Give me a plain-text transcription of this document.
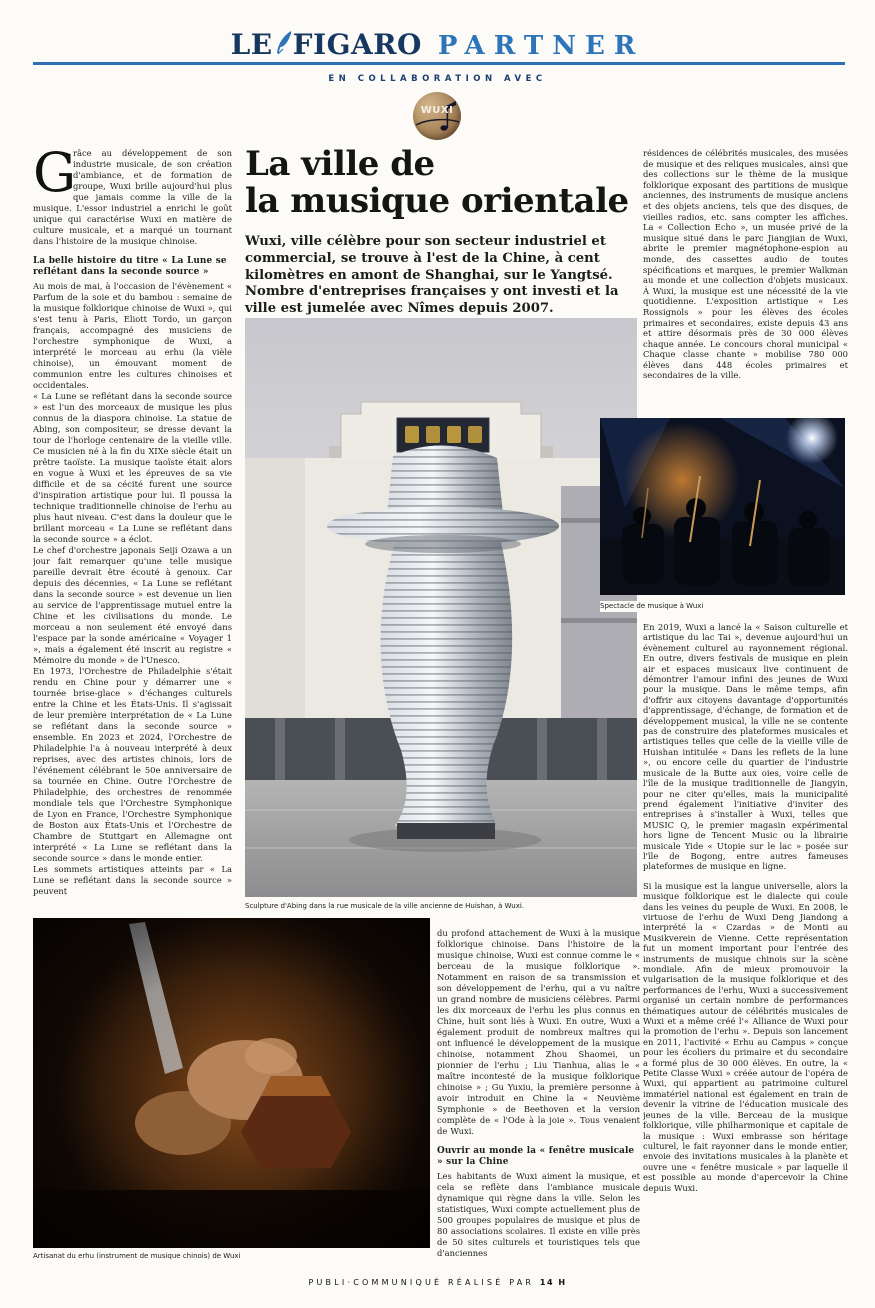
LE FIGARO PARTNER
EN COLLABORATION AVEC
WUXI
La ville de
la musique orientale
Wuxi, ville célèbre pour son secteur industriel et commercial, se trouve à l'est de la Chine, à cent kilomètres en amont de Shanghai, sur le Yangtsé. Nombre d'entreprises françaises y ont investi et la ville est jumelée avec Nîmes depuis 2007.

G
râce au développement de son industrie musicale, de son création d'ambiance, et de formation de groupe, Wuxi brille aujourd'hui plus que jamais comme la ville de la musique. L'essor industriel a enrichi le goût unique qui caractérise Wuxi en matière de culture musicale, et a marqué un tournant dans l'histoire de la musique chinoise.

La belle histoire du titre « La Lune se reflétant dans la seconde source »

Au mois de mai, à l'occasion de l'évènement « Parfum de la soie et du bambou : semaine de la musique folklorique chinoise de Wuxi », qui s'est tenu à Paris, Eliott Tordo, un garçon français, accompagné des musiciens de l'orchestre symphonique de Wuxi, a interprété le morceau au erhu (la vièle chinoise), un émouvant moment de communion entre les cultures chinoises et occidentales.

« La Lune se reflétant dans la seconde source » est l'un des morceaux de musique les plus connus de la diaspora chinoise. La statue de Abing, son compositeur, se dresse devant la tour de l'horloge centenaire de la vieille ville. Ce musicien né à la fin du XIXe siècle était un prêtre taoïste. La musique taoïste était alors en vogue à Wuxi et les épreuves de sa vie difficile et de sa cécité furent une source d'inspiration artistique pour lui. Il poussa la technique traditionnelle chinoise de l'erhu au plus haut niveau. C'est dans la douleur que le brillant morceau « La Lune se reflétant dans la seconde source » a éclot.

Le chef d'orchestre japonais Seiji Ozawa a un jour fait remarquer qu'une telle musique pareille devrait être écouté à genoux. Car depuis des décennies, « La Lune se reflétant dans la seconde source » est devenue un lien au service de l'apprentissage mutuel entre la Chine et les civilisations du monde. Le morceau a non seulement été envoyé dans l'espace par la sonde américaine « Voyager 1 », mais a également été inscrit au registre « Mémoire du monde » de l'Unesco.

En 1973, l'Orchestre de Philadelphie s'était rendu en Chine pour y démarrer une « tournée brise-glace » d'échanges culturels entre la Chine et les États-Unis. Il s'agissait de leur première interprétation de « La Lune se reflétant dans la seconde source » ensemble. En 2023 et 2024, l'Orchestre de Philadelphie l'a à nouveau interprété à deux reprises, avec des artistes chinois, lors de l'événement célébrant le 50e anniversaire de sa tournée en Chine. Outre l'Orchestre de Philadelphie, des orchestres de renommée mondiale tels que l'Orchestre Symphonique de Lyon en France, l'Orchestre Symphonique de Boston aux États-Unis et l'Orchestre de Chambre de Stuttgart en Allemagne ont interprété « La Lune se reflétant dans la seconde source » dans le monde entier.

Les sommets artistiques atteints par « La Lune se reflétant dans la seconde source » peuvent

Sculpture d'Abing dans la rue musicale de la ville ancienne de Huishan, à Wuxi.
Spectacle de musique à Wuxi

résidences de célébrités musicales, des musées de musique et des reliques musicales, ainsi que des collections sur le thème de la musique folklorique exposant des partitions de musique anciennes, des instruments de musique anciens et des objets anciens, tels que des disques, de vieilles radios, etc. sans compter les affiches. La « Collection Echo », un musée privé de la musique situé dans le parc Jiangjian de Wuxi, abrite le premier magnétophone-espion au monde, des cassettes audio de toutes spécifications et marques, le premier Walkman au monde et une collection d'objets musicaux. À Wuxi, la musique est une nécessité de la vie quotidienne. L'exposition artistique « Les Rossignols » pour les élèves des écoles primaires et secondaires, existe depuis 43 ans et attire désormais près de 30 000 élèves chaque année. Le concours choral municipal « Chaque classe chante » mobilise 780 000 élèves dans 448 écoles primaires et secondaires de la ville.

En 2019, Wuxi a lancé la « Saison culturelle et artistique du lac Tai », devenue aujourd'hui un évènement culturel au rayonnement régional. En outre, divers festivals de musique en plein air et espaces musicaux live continuent de démontrer l'amour infini des jeunes de Wuxi pour la musique. Dans le même temps, afin d'offrir aux citoyens davantage d'opportunités d'apprentissage, d'échange, de formation et de développement musical, la ville ne se contente pas de construire des plateformes musicales et artistiques telles que celle de la vieille ville de Huishan intitulée « Dans les reflets de la lune », ou encore celle du quartier de l'industrie musicale de la Butte aux oies, voire celle de l'île de la musique traditionnelle de Jiangyin, pour ne citer qu'elles, mais la municipalité prend également l'initiative d'inviter des entreprises à s'installer à Wuxi, telles que MUSIC Q, le premier magasin expérimental hors ligne de Tencent Music ou la librairie musicale Yide « Utopie sur le lac » posée sur l'île de Bogong, entre autres fameuses plateformes de musique en ligne.

Si la musique est la langue universelle, alors la musique folklorique est le dialecte qui coule dans les veines du peuple de Wuxi. En 2008, le virtuose de l'erhu de Wuxi Deng Jiandong a interprété la « Czardas » de Monti au Musikverein de Vienne. Cette représentation fut un moment important pour l'entrée des instruments de musique chinois sur la scène mondiale. Afin de mieux promouvoir la vulgarisation de la musique folklorique et des performances de l'erhu, Wuxi a successivement organisé un certain nombre de performances thématiques autour de célébrités musicales de Wuxi et a même créé l'« Alliance de Wuxi pour la promotion de l'erhu ». Depuis son lancement en 2011, l'activité « Erhu au Campus » conçue pour les écoliers du primaire et du secondaire a formé plus de 30 000 élèves. En outre, la « Petite Classe Wuxi » créée autour de l'opéra de Wuxi, qui appartient au patrimoine culturel immatériel national est également en train de devenir la vitrine de l'éducation musicale des jeunes de la ville. Berceau de la musique folklorique, ville philharmonique et capitale de la musique : Wuxi embrasse son héritage culturel, le fait rayonner dans le monde entier, envoie des invitations musicales à la planète et ouvre une « fenêtre musicale » par laquelle il est possible au monde d'apercevoir la Chine depuis Wuxi.

Artisanat du erhu (instrument de musique chinois) de Wuxi

du profond attachement de Wuxi à la musique folklorique chinoise. Dans l'histoire de la musique chinoise, Wuxi est connue comme le « berceau de la musique folklorique ». Notamment en raison de sa transmission et son développement de l'erhu, qui a vu naître un grand nombre de musiciens célèbres. Parmi les dix morceaux de l'erhu les plus connus en Chine, huit sont liés à Wuxi. En outre, Wuxi a également produit de nombreux maîtres qui ont influencé le développement de la musique chinoise, notamment Zhou Shaomei, un pionnier de l'erhu ; Liu Tianhua, alias le « maître incontesté de la musique folklorique chinoise » ; Gu Yuxiu, la première personne à avoir introduit en Chine la « Neuvième Symphonie » de Beethoven et la version complète de « l'Ode à la joie ». Tous venaient de Wuxi.

Ouvrir au monde la « fenêtre musicale » sur la Chine

Les habitants de Wuxi aiment la musique, et cela se reflète dans l'ambiance musicale dynamique qui règne dans la ville. Selon les statistiques, Wuxi compte actuellement plus de 500 groupes populaires de musique et plus de 80 associations scolaires. Il existe en ville près de 50 sites culturels et touristiques tels que d'anciennes

PUBLI·COMMUNIQUÉ RÉALISÉ PAR 14 H
